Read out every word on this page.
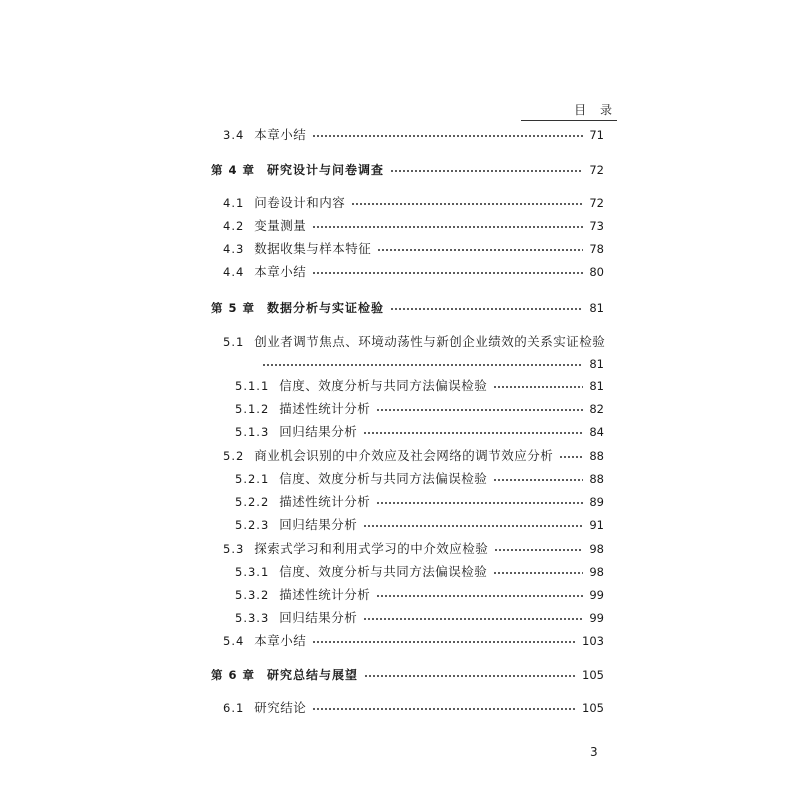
目 录
3.4 本章小结	71
第 4 章 研究设计与问卷调查	72
4.1 问卷设计和内容	72
4.2 变量测量	73
4.3 数据收集与样本特征	78
4.4 本章小结	80
第 5 章 数据分析与实证检验	81
5.1 创业者调节焦点、环境动荡性与新创企业绩效的关系实证检验
81
5.1.1 信度、效度分析与共同方法偏误检验	81
5.1.2 描述性统计分析	82
5.1.3 回归结果分析	84
5.2 商业机会识别的中介效应及社会网络的调节效应分析	88
5.2.1 信度、效度分析与共同方法偏误检验	88
5.2.2 描述性统计分析	89
5.2.3 回归结果分析	91
5.3 探索式学习和利用式学习的中介效应检验	98
5.3.1 信度、效度分析与共同方法偏误检验	98
5.3.2 描述性统计分析	99
5.3.3 回归结果分析	99
5.4 本章小结	103
第 6 章 研究总结与展望	105
6.1 研究结论	105
3
